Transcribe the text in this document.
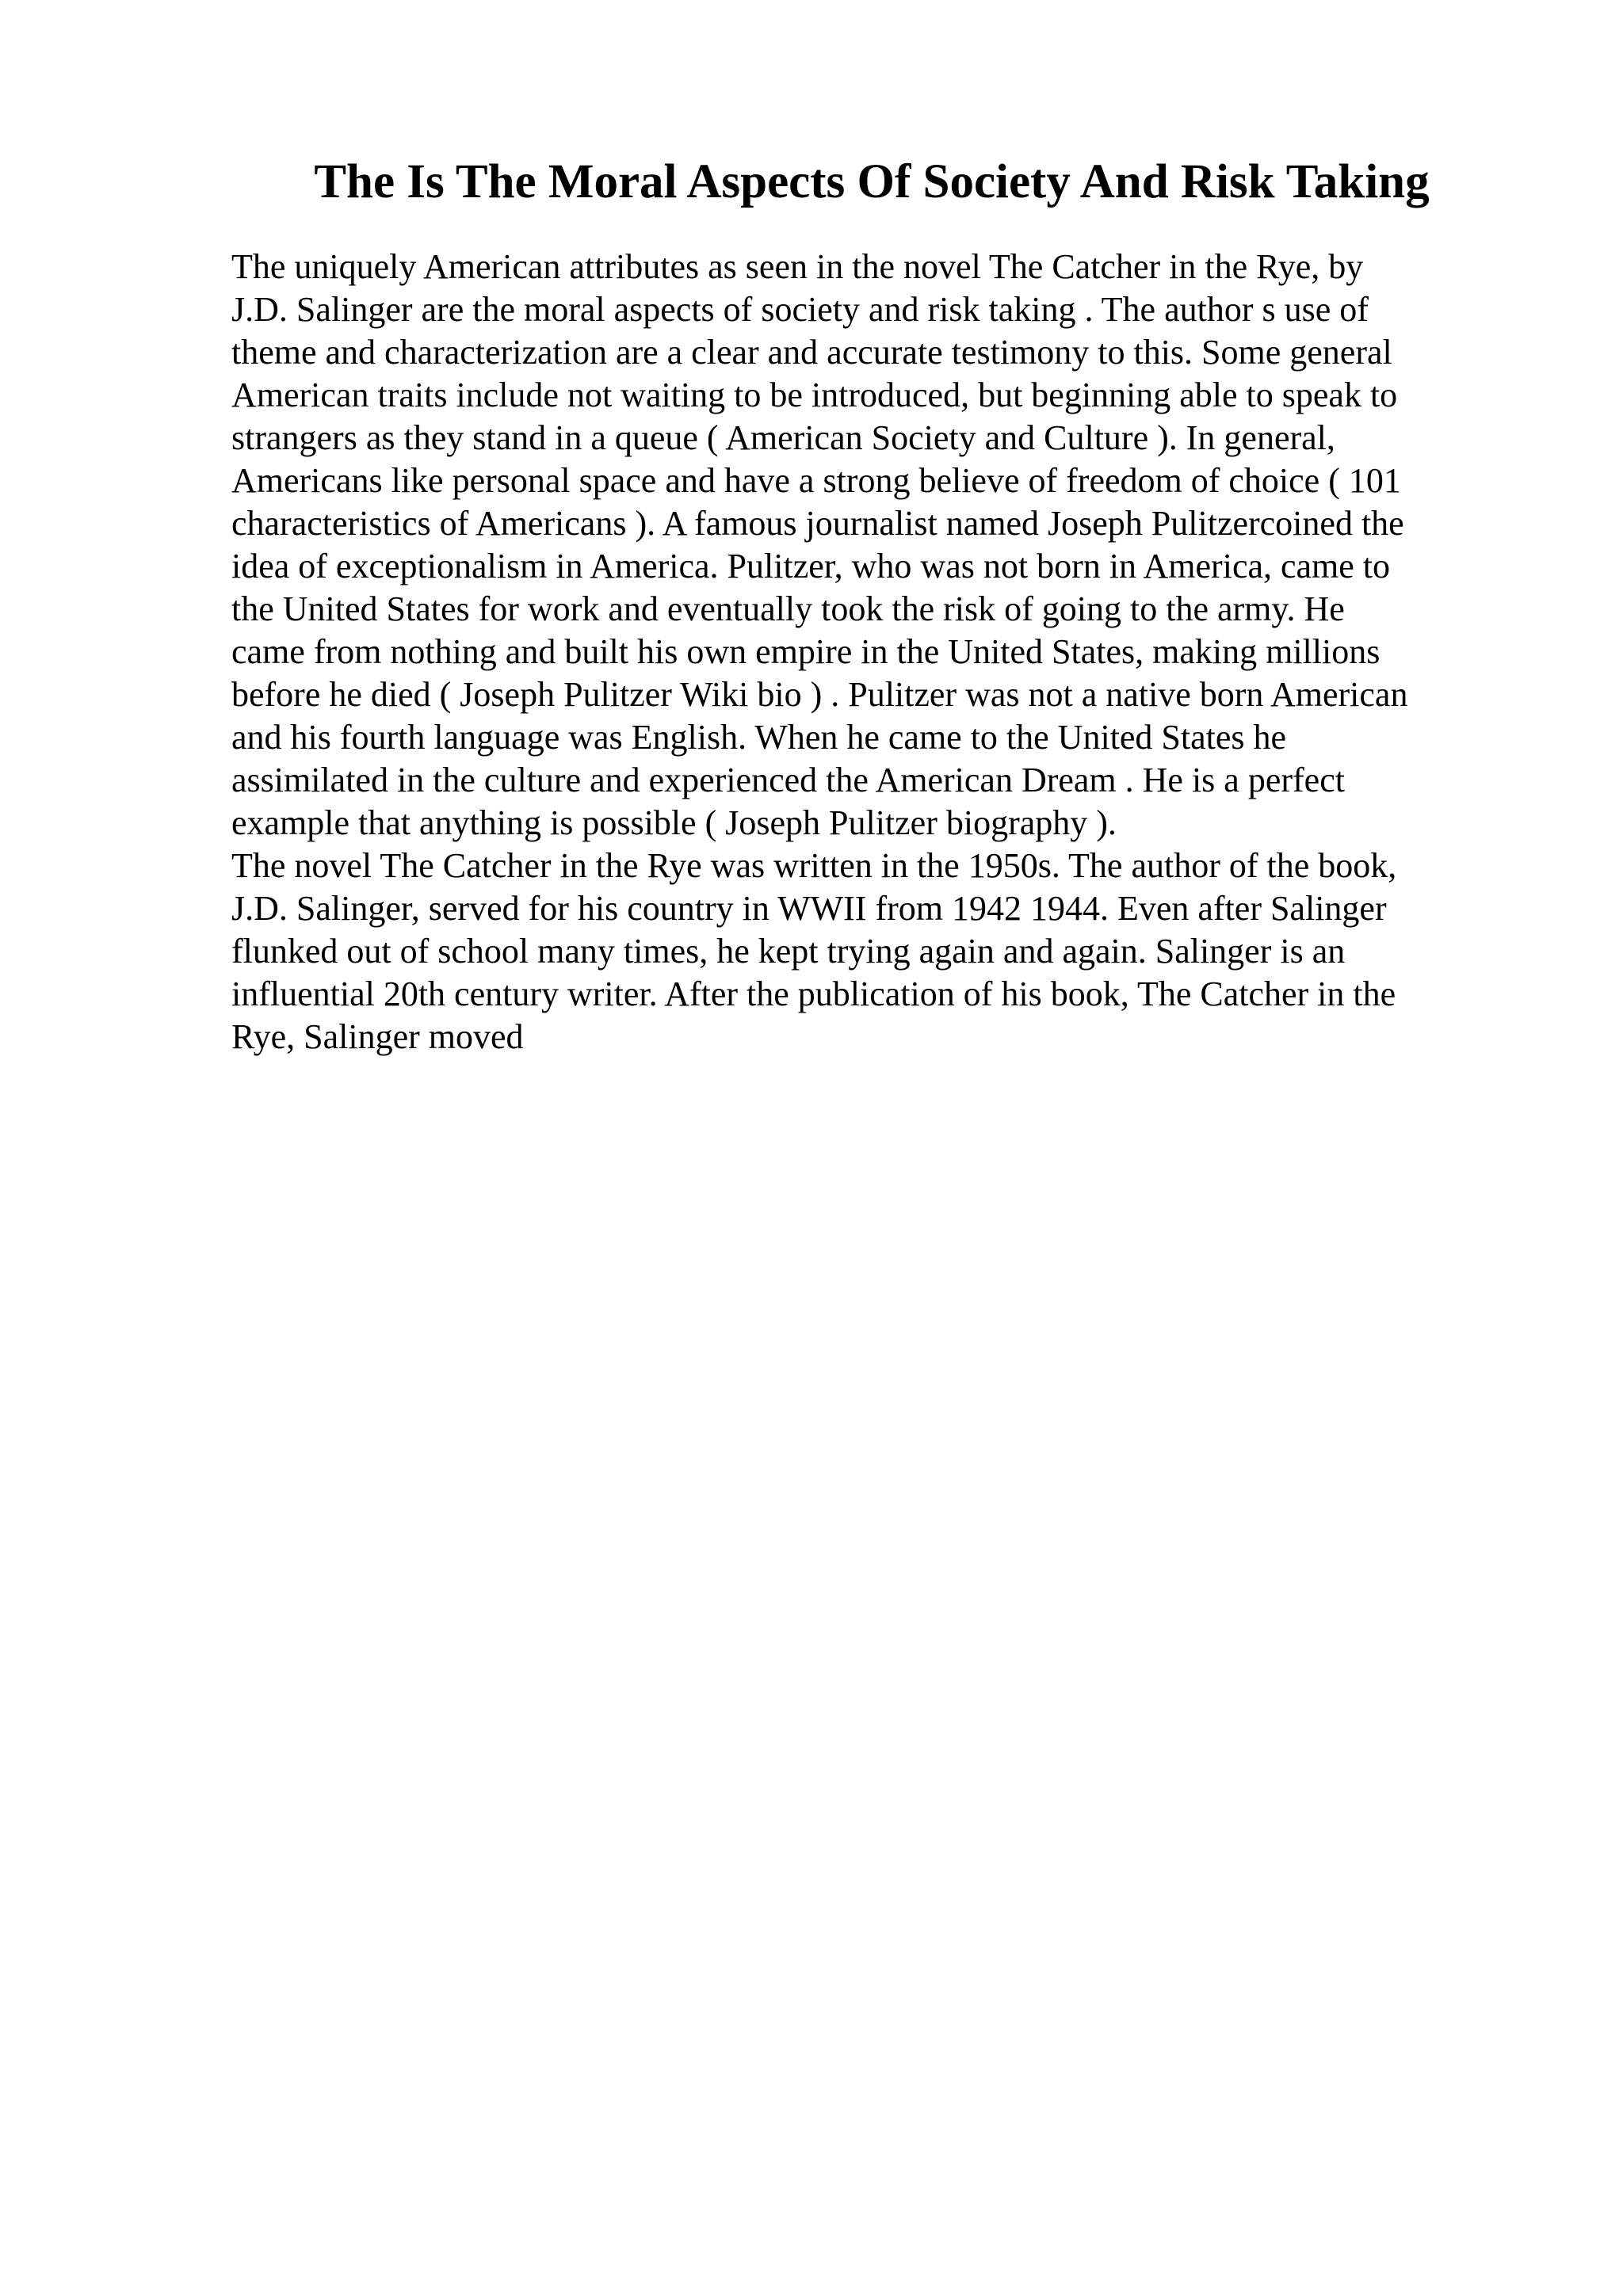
The Is The Moral Aspects Of Society And Risk Taking
The uniquely American attributes as seen in the novel The Catcher in the Rye, by
J.D. Salinger are the moral aspects of society and risk taking . The author s use of
theme and characterization are a clear and accurate testimony to this. Some general
American traits include not waiting to be introduced, but beginning able to speak to
strangers as they stand in a queue ( American Society and Culture ). In general,
Americans like personal space and have a strong believe of freedom of choice ( 101
characteristics of Americans ). A famous journalist named Joseph Pulitzercoined the
idea of exceptionalism in America. Pulitzer, who was not born in America, came to
the United States for work and eventually took the risk of going to the army. He
came from nothing and built his own empire in the United States, making millions
before he died ( Joseph Pulitzer Wiki bio ) . Pulitzer was not a native born American
and his fourth language was English. When he came to the United States he
assimilated in the culture and experienced the American Dream . He is a perfect
example that anything is possible ( Joseph Pulitzer biography ).
The novel The Catcher in the Rye was written in the 1950s. The author of the book,
J.D. Salinger, served for his country in WWII from 1942 1944. Even after Salinger
flunked out of school many times, he kept trying again and again. Salinger is an
influential 20th century writer. After the publication of his book, The Catcher in the
Rye, Salinger moved
